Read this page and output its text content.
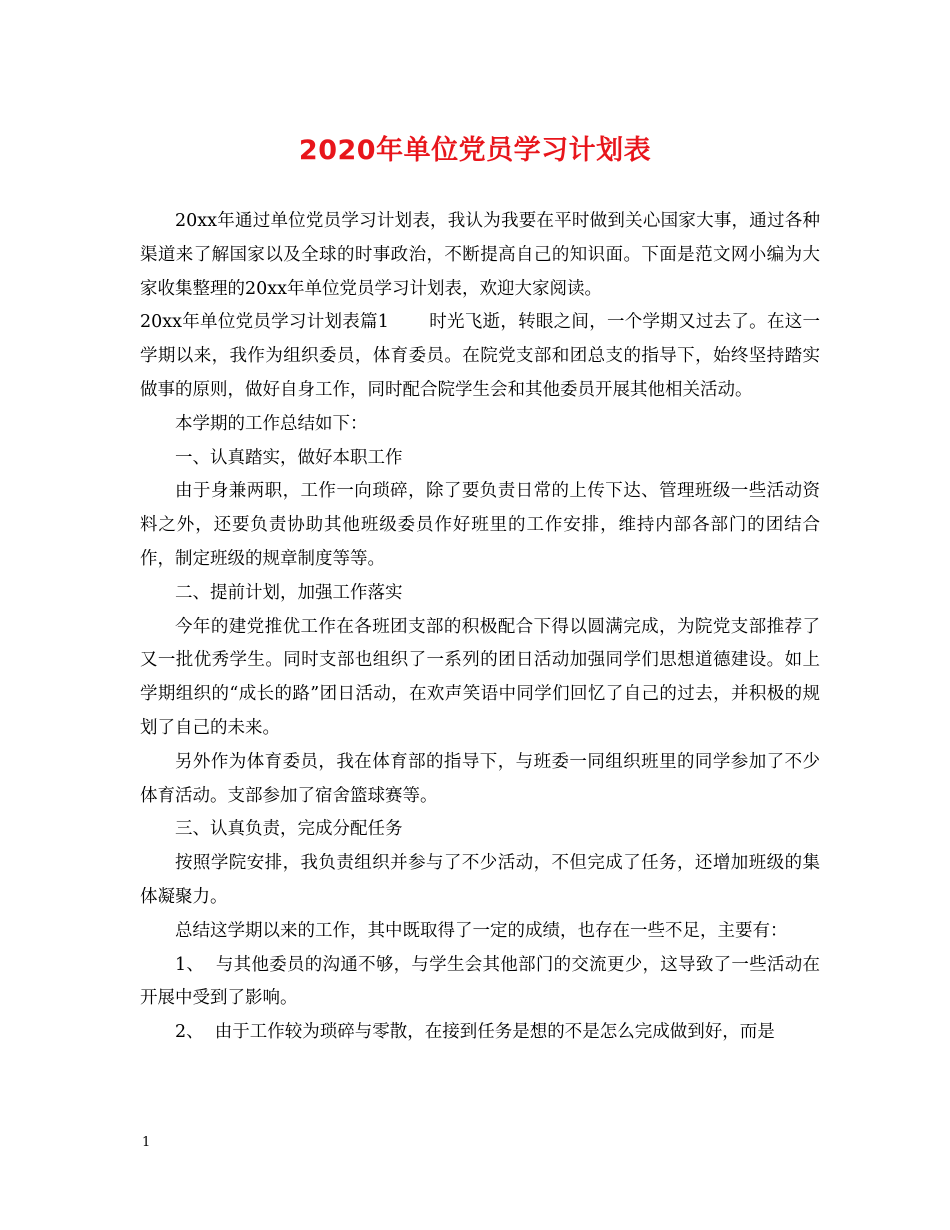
2020年单位党员学习计划表

20xx年通过单位党员学习计划表，我认为我要在平时做到关心国家大事，通过各种渠道来了解国家以及全球的时事政治，不断提高自己的知识面。下面是范文网小编为大家收集整理的20xx年单位党员学习计划表，欢迎大家阅读。

20xx年单位党员学习计划表篇1 时光飞逝，转眼之间，一个学期又过去了。在这一学期以来，我作为组织委员，体育委员。在院党支部和团总支的指导下，始终坚持踏实做事的原则，做好自身工作，同时配合院学生会和其他委员开展其他相关活动。

本学期的工作总结如下：

一、认真踏实，做好本职工作

由于身兼两职，工作一向琐碎，除了要负责日常的上传下达、管理班级一些活动资料之外，还要负责协助其他班级委员作好班里的工作安排，维持内部各部门的团结合作，制定班级的规章制度等等。

二、提前计划，加强工作落实

今年的建党推优工作在各班团支部的积极配合下得以圆满完成，为院党支部推荐了又一批优秀学生。同时支部也组织了一系列的团日活动加强同学们思想道德建设。如上学期组织的“成长的路”团日活动，在欢声笑语中同学们回忆了自己的过去，并积极的规划了自己的未来。

另外作为体育委员，我在体育部的指导下，与班委一同组织班里的同学参加了不少体育活动。支部参加了宿舍篮球赛等。

三、认真负责，完成分配任务

按照学院安排，我负责组织并参与了不少活动，不但完成了任务，还增加班级的集体凝聚力。

总结这学期以来的工作，其中既取得了一定的成绩，也存在一些不足，主要有：

1、  与其他委员的沟通不够，与学生会其他部门的交流更少，这导致了一些活动在开展中受到了影响。

2、  由于工作较为琐碎与零散，在接到任务是想的不是怎么完成做到好，而是

1
